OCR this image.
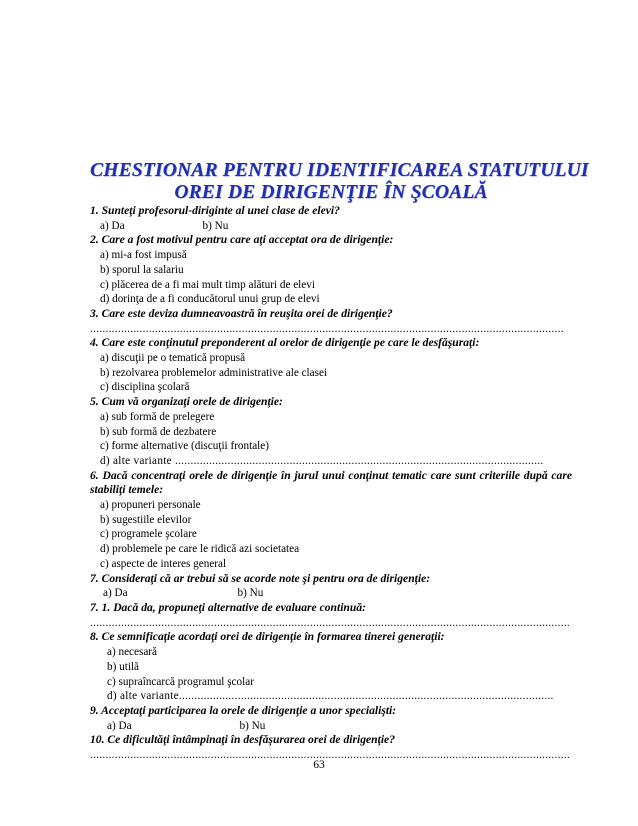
CHESTIONAR PENTRU IDENTIFICAREA STATUTULUI
OREI DE DIRIGENŢIE ÎN ŞCOALĂ
1. Sunteţi profesorul-diriginte al unei clase de elevi?
a) Da	b) Nu
2. Care a fost motivul pentru care aţi acceptat ora de dirigenţie:
a) mi-a fost impusă
b) sporul la salariu
c) plăcerea de a fi mai mult timp alături de elevi
d) dorinţa de a fi conducătorul unui grup de elevi
3. Care este deviza dumneavoastră în reuşita orei de dirigenţie?
.........................................................................................................................................................
4. Care este conţinutul preponderent al orelor de dirigenţie pe care le desfăşuraţi:
a) discuţii pe o tematică propusă
b) rezolvarea problemelor administrative ale clasei
c) disciplina şcolară
5. Cum vă organizaţi orele de dirigenţie:
a) sub formă de prelegere
b) sub formă de dezbatere
c) forme alternative (discuţii frontale)
d) alte variante .......................................................................................................................
6. Dacă concentraţi orele de dirigenţie în jurul unui conţinut tematic care sunt criteriile după care stabiliţi temele:
a) propuneri personale
b) sugestiile elevilor
c) programele şcolare
d) problemele pe care le ridică azi societatea
c) aspecte de interes general
7. Consideraţi că ar trebui să se acorde note şi pentru ora de dirigenţie:
a) Da	b) Nu
7. 1. Dacă da, propuneţi alternative de evaluare continuă:
...........................................................................................................................................................
8. Ce semnificaţie acordaţi orei de dirigenţie în formarea tinerei generaţii:
a) necesară
b) utilă
c) supraîncarcă programul şcolar
d) alte variante.........................................................................................................................
9. Acceptaţi participarea la orele de dirigenţie a unor specialişti:
a) Da	b) Nu
10. Ce dificultăţi întâmpinaţi în desfăşurarea orei de dirigenţie?
...........................................................................................................................................................
63
